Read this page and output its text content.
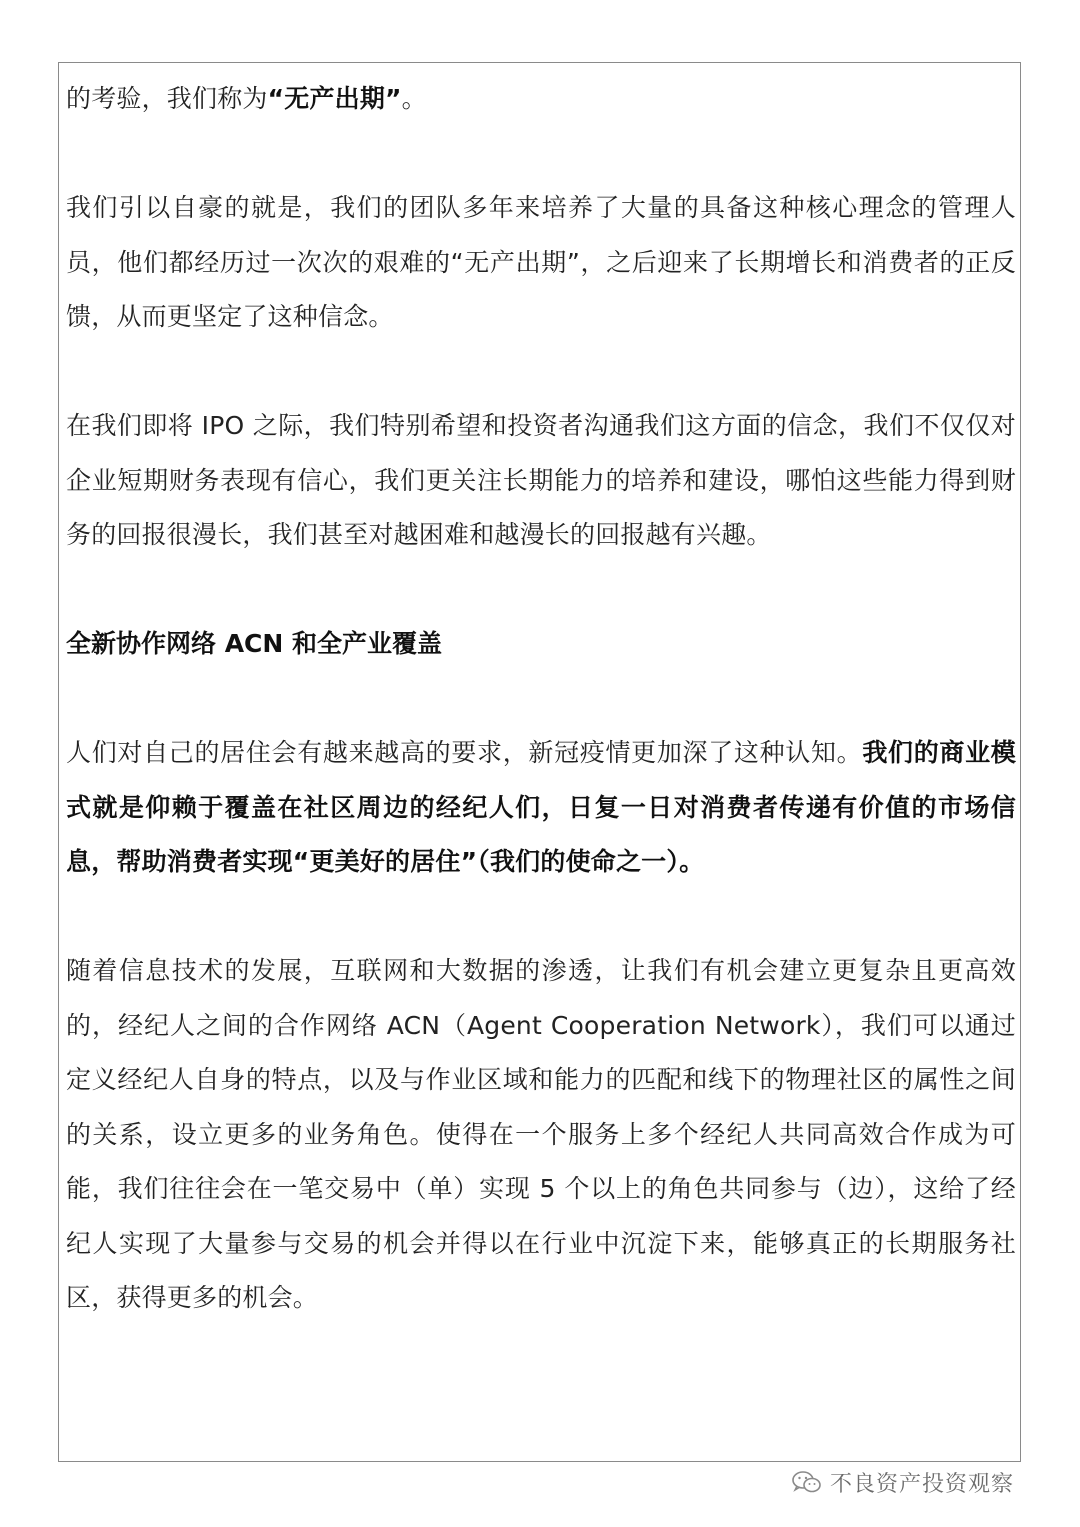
的考验，我们称为“无产出期”。

我们引以自豪的就是，我们的团队多年来培养了大量的具备这种核心理念的管理人员，他们都经历过一次次的艰难的“无产出期”，之后迎来了长期增长和消费者的正反馈，从而更坚定了这种信念。

在我们即将 IPO 之际，我们特别希望和投资者沟通我们这方面的信念，我们不仅仅对企业短期财务表现有信心，我们更关注长期能力的培养和建设，哪怕这些能力得到财务的回报很漫长，我们甚至对越困难和越漫长的回报越有兴趣。

全新协作网络 ACN 和全产业覆盖

人们对自己的居住会有越来越高的要求，新冠疫情更加深了这种认知。我们的商业模式就是仰赖于覆盖在社区周边的经纪人们，日复一日对消费者传递有价值的市场信息，帮助消费者实现“更美好的居住”（我们的使命之一）。

随着信息技术的发展，互联网和大数据的渗透，让我们有机会建立更复杂且更高效的，经纪人之间的合作网络 ACN（Agent Cooperation Network），我们可以通过定义经纪人自身的特点，以及与作业区域和能力的匹配和线下的物理社区的属性之间的关系，设立更多的业务角色。使得在一个服务上多个经纪人共同高效合作成为可能，我们往往会在一笔交易中（单）实现 5 个以上的角色共同参与（边），这给了经纪人实现了大量参与交易的机会并得以在行业中沉淀下来，能够真正的长期服务社区，获得更多的机会。

不良资产投资观察
